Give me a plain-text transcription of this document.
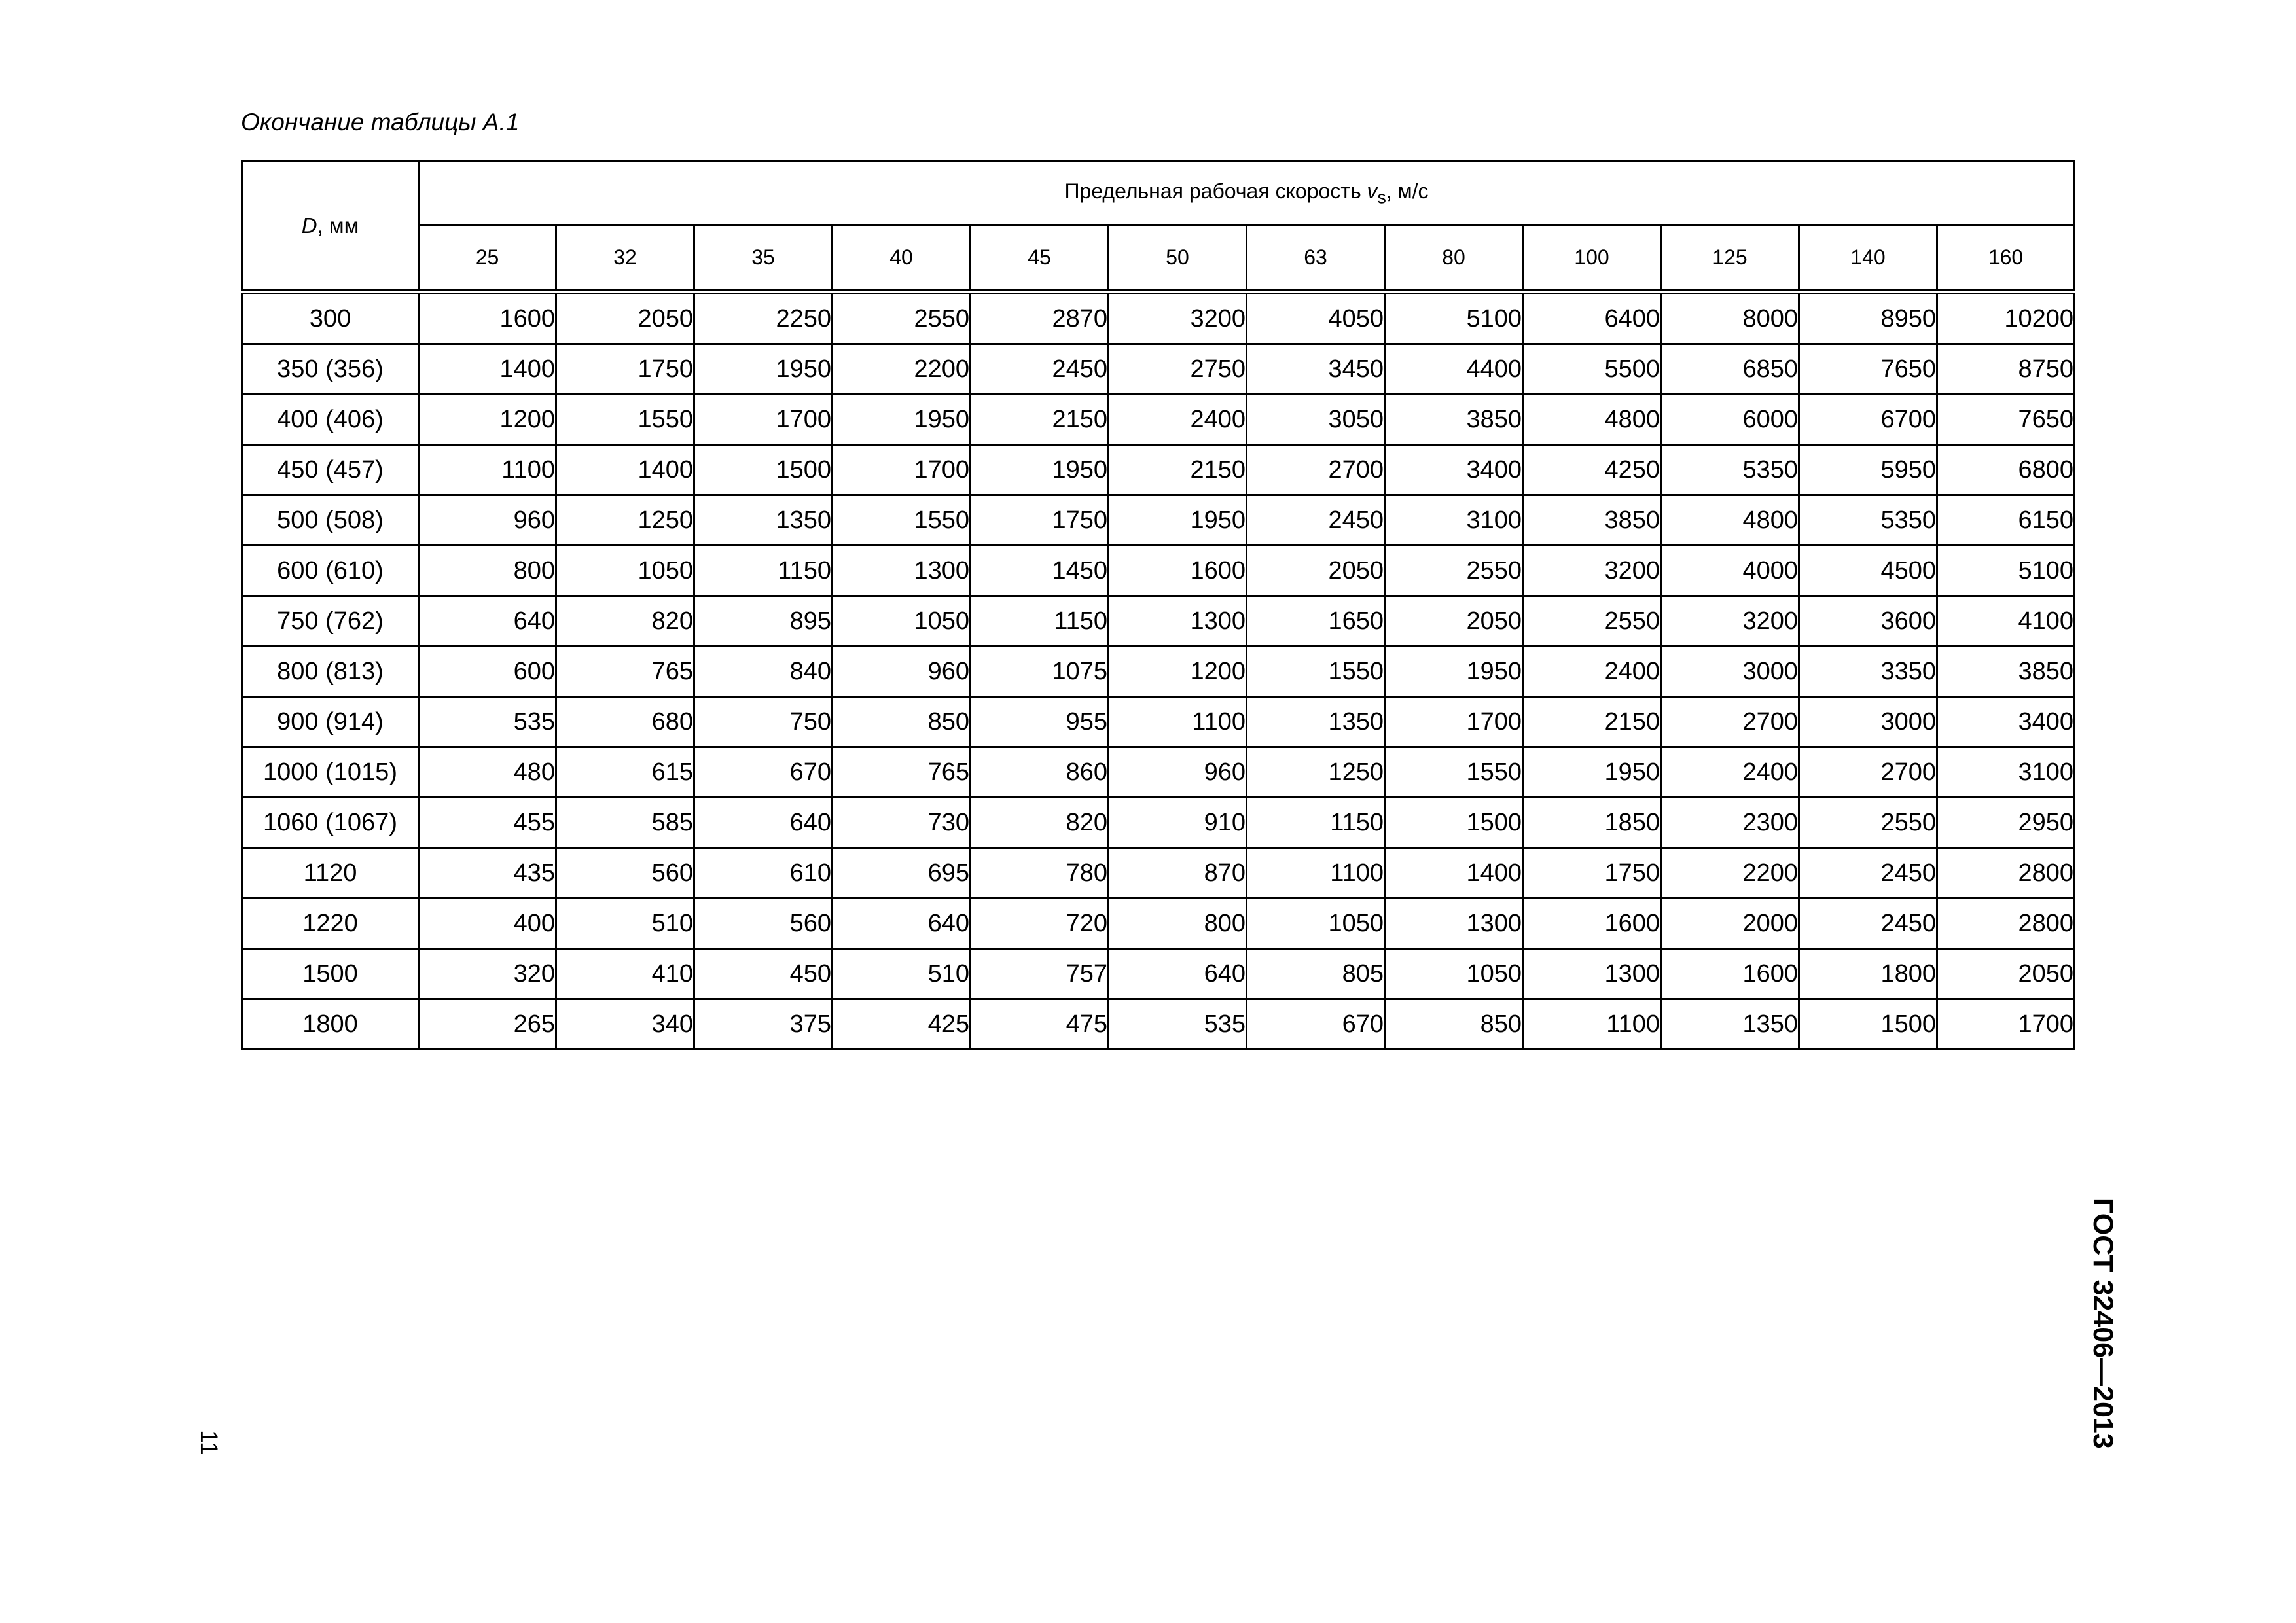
Окончание таблицы А.1
D, мм	Предельная рабочая скорость $v_s$, м/с											
	25	32	35	40	45	50	63	80	100	125	140	160
300	1600	2050	2250	2550	2870	3200	4050	5100	6400	8000	8950	10200
350 (356)	1400	1750	1950	2200	2450	2750	3450	4400	5500	6850	7650	8750
400 (406)	1200	1550	1700	1950	2150	2400	3050	3850	4800	6000	6700	7650
450 (457)	1100	1400	1500	1700	1950	2150	2700	3400	4250	5350	5950	6800
500 (508)	960	1250	1350	1550	1750	1950	2450	3100	3850	4800	5350	6150
600 (610)	800	1050	1150	1300	1450	1600	2050	2550	3200	4000	4500	5100
750 (762)	640	820	895	1050	1150	1300	1650	2050	2550	3200	3600	4100
800 (813)	600	765	840	960	1075	1200	1550	1950	2400	3000	3350	3850
900 (914)	535	680	750	850	955	1100	1350	1700	2150	2700	3000	3400
1000 (1015)	480	615	670	765	860	960	1250	1550	1950	2400	2700	3100
1060 (1067)	455	585	640	730	820	910	1150	1500	1850	2300	2550	2950
1120	435	560	610	695	780	870	1100	1400	1750	2200	2450	2800
1220	400	510	560	640	720	800	1050	1300	1600	2000	2450	2800
1500	320	410	450	510	757	640	805	1050	1300	1600	1800	2050
1800	265	340	375	425	475	535	670	850	1100	1350	1500	1700
ГОСТ 32406—2013
11
